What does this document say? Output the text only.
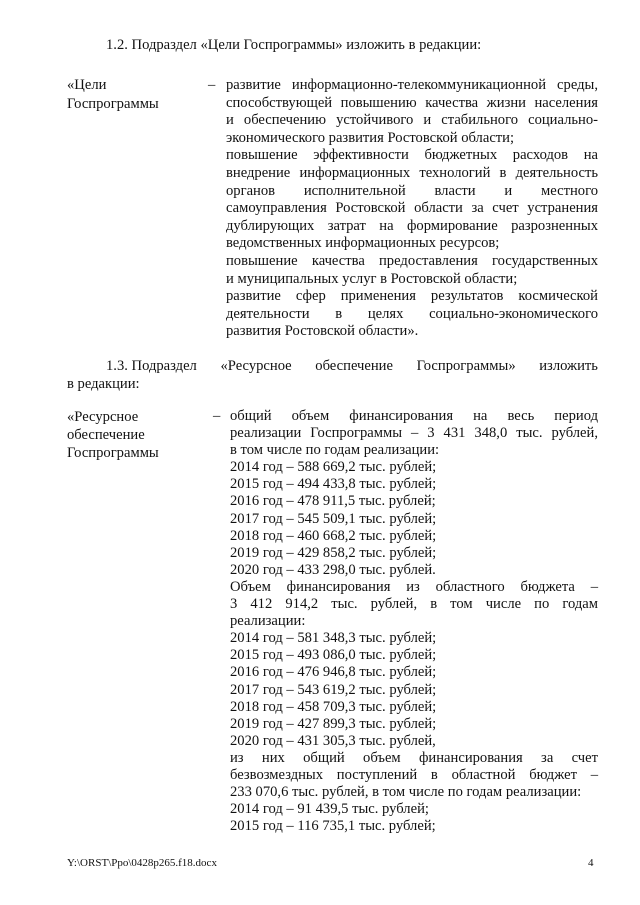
1.2. Подраздел «Цели Госпрограммы» изложить в редакции:
«Цели
Госпрограммы
– развитие информационно-телекоммуникационной среды,

способствующей повышению качества жизни населения

и обеспечению устойчивого и стабильного социально-

экономического развития Ростовской области;

повышение эффективности бюджетных расходов на

внедрение информационных технологий в деятельность

органов исполнительной власти и местного

самоуправления Ростовской области за счет устранения

дублирующих затрат на формирование разрозненных

ведомственных информационных ресурсов;

повышение качества предоставления государственных

и муниципальных услуг в Ростовской области;

развитие сфер применения результатов космической

деятельности в целях социально-экономического

развития Ростовской области».

1.3. Подраздел «Ресурсное обеспечение Госпрограммы» изложить
в редакции:
«Ресурсное
обеспечение
Госпрограммы
– общий объем финансирования на весь период

реализации Госпрограммы – 3 431 348,0 тыс. рублей,

в том числе по годам реализации:

2014 год – 588 669,2 тыс. рублей;

2015 год – 494 433,8 тыс. рублей;

2016 год – 478 911,5 тыс. рублей;

2017 год – 545 509,1 тыс. рублей;

2018 год – 460 668,2 тыс. рублей;

2019 год – 429 858,2 тыс. рублей;

2020 год – 433 298,0 тыс. рублей.

Объем финансирования из областного бюджета –

3 412 914,2 тыс. рублей, в том числе по годам

реализации:

2014 год – 581 348,3 тыс. рублей;

2015 год – 493 086,0 тыс. рублей;

2016 год – 476 946,8 тыс. рублей;

2017 год – 543 619,2 тыс. рублей;

2018 год – 458 709,3 тыс. рублей;

2019 год – 427 899,3 тыс. рублей;

2020 год – 431 305,3 тыс. рублей,

из них общий объем финансирования за счет

безвозмездных поступлений в областной бюджет –

233 070,6 тыс. рублей, в том числе по годам реализации:

2014 год – 91 439,5 тыс. рублей;

2015 год – 116 735,1 тыс. рублей;

Y:\ORST\Ppo\0428p265.f18.docx	4
